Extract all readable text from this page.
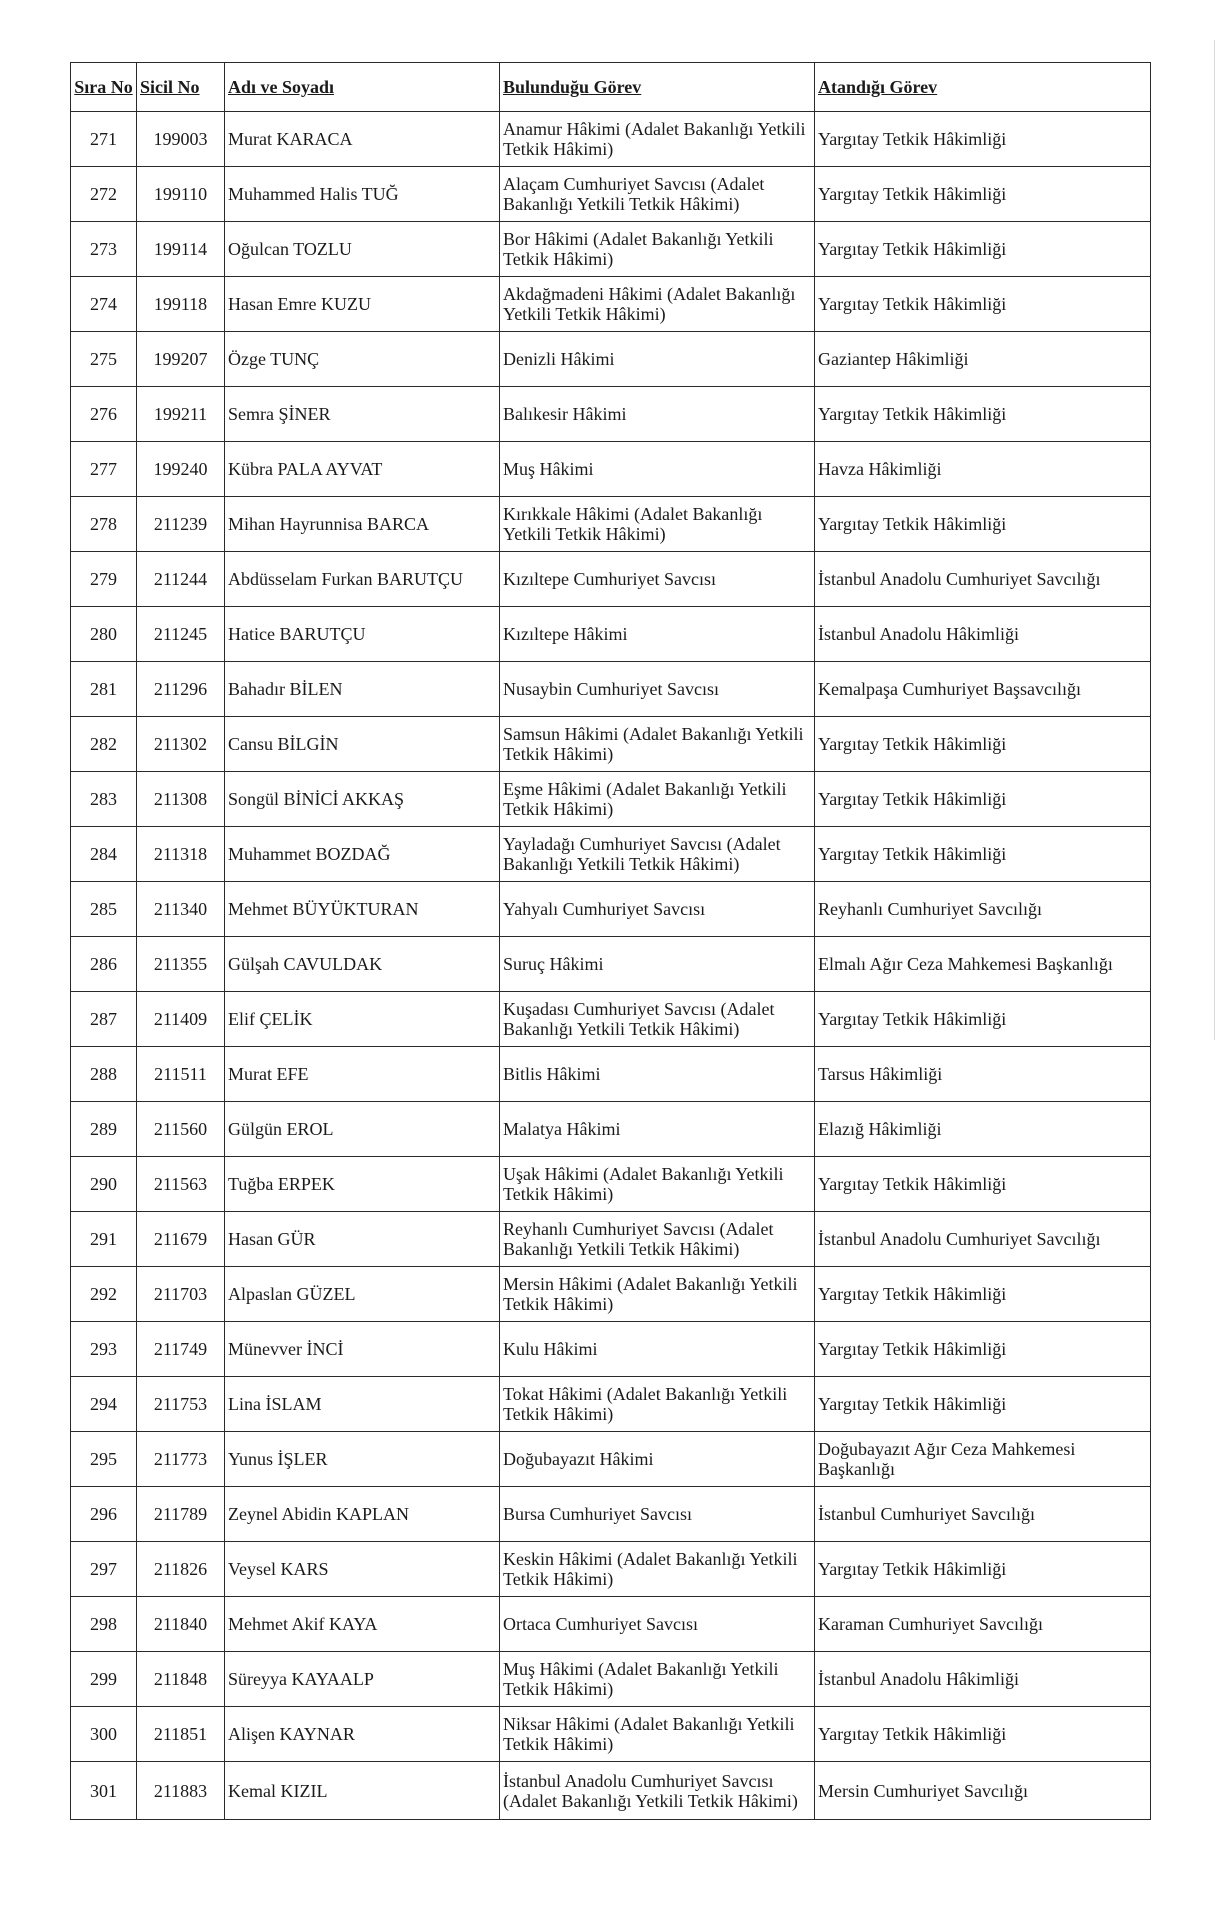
Sıra No	Sicil No	Adı ve Soyadı	Bulunduğu Görev	Atandığı Görev
271	199003	Murat KARACA	Anamur Hâkimi (Adalet Bakanlığı Yetkili Tetkik Hâkimi)	Yargıtay Tetkik Hâkimliği
272	199110	Muhammed Halis TUĞ	Alaçam Cumhuriyet Savcısı (Adalet Bakanlığı Yetkili Tetkik Hâkimi)	Yargıtay Tetkik Hâkimliği
273	199114	Oğulcan TOZLU	Bor Hâkimi (Adalet Bakanlığı Yetkili Tetkik Hâkimi)	Yargıtay Tetkik Hâkimliği
274	199118	Hasan Emre KUZU	Akdağmadeni Hâkimi (Adalet Bakanlığı Yetkili Tetkik Hâkimi)	Yargıtay Tetkik Hâkimliği
275	199207	Özge TUNÇ	Denizli Hâkimi	Gaziantep Hâkimliği
276	199211	Semra ŞİNER	Balıkesir Hâkimi	Yargıtay Tetkik Hâkimliği
277	199240	Kübra PALA AYVAT	Muş Hâkimi	Havza Hâkimliği
278	211239	Mihan Hayrunnisa BARCA	Kırıkkale Hâkimi (Adalet Bakanlığı Yetkili Tetkik Hâkimi)	Yargıtay Tetkik Hâkimliği
279	211244	Abdüsselam Furkan BARUTÇU	Kızıltepe Cumhuriyet Savcısı	İstanbul Anadolu Cumhuriyet Savcılığı
280	211245	Hatice BARUTÇU	Kızıltepe Hâkimi	İstanbul Anadolu Hâkimliği
281	211296	Bahadır BİLEN	Nusaybin Cumhuriyet Savcısı	Kemalpaşa Cumhuriyet Başsavcılığı
282	211302	Cansu BİLGİN	Samsun Hâkimi (Adalet Bakanlığı Yetkili Tetkik Hâkimi)	Yargıtay Tetkik Hâkimliği
283	211308	Songül BİNİCİ AKKAŞ	Eşme Hâkimi (Adalet Bakanlığı Yetkili Tetkik Hâkimi)	Yargıtay Tetkik Hâkimliği
284	211318	Muhammet BOZDAĞ	Yayladağı Cumhuriyet Savcısı (Adalet Bakanlığı Yetkili Tetkik Hâkimi)	Yargıtay Tetkik Hâkimliği
285	211340	Mehmet BÜYÜKTURAN	Yahyalı Cumhuriyet Savcısı	Reyhanlı Cumhuriyet Savcılığı
286	211355	Gülşah CAVULDAK	Suruç Hâkimi	Elmalı Ağır Ceza Mahkemesi Başkanlığı
287	211409	Elif ÇELİK	Kuşadası Cumhuriyet Savcısı (Adalet Bakanlığı Yetkili Tetkik Hâkimi)	Yargıtay Tetkik Hâkimliği
288	211511	Murat EFE	Bitlis Hâkimi	Tarsus Hâkimliği
289	211560	Gülgün EROL	Malatya Hâkimi	Elazığ Hâkimliği
290	211563	Tuğba ERPEK	Uşak Hâkimi (Adalet Bakanlığı Yetkili Tetkik Hâkimi)	Yargıtay Tetkik Hâkimliği
291	211679	Hasan GÜR	Reyhanlı Cumhuriyet Savcısı (Adalet Bakanlığı Yetkili Tetkik Hâkimi)	İstanbul Anadolu Cumhuriyet Savcılığı
292	211703	Alpaslan GÜZEL	Mersin Hâkimi (Adalet Bakanlığı Yetkili Tetkik Hâkimi)	Yargıtay Tetkik Hâkimliği
293	211749	Münevver İNCİ	Kulu Hâkimi	Yargıtay Tetkik Hâkimliği
294	211753	Lina İSLAM	Tokat Hâkimi (Adalet Bakanlığı Yetkili Tetkik Hâkimi)	Yargıtay Tetkik Hâkimliği
295	211773	Yunus İŞLER	Doğubayazıt Hâkimi	Doğubayazıt Ağır Ceza Mahkemesi Başkanlığı
296	211789	Zeynel Abidin KAPLAN	Bursa Cumhuriyet Savcısı	İstanbul Cumhuriyet Savcılığı
297	211826	Veysel KARS	Keskin Hâkimi (Adalet Bakanlığı Yetkili Tetkik Hâkimi)	Yargıtay Tetkik Hâkimliği
298	211840	Mehmet Akif KAYA	Ortaca Cumhuriyet Savcısı	Karaman Cumhuriyet Savcılığı
299	211848	Süreyya KAYAALP	Muş Hâkimi (Adalet Bakanlığı Yetkili Tetkik Hâkimi)	İstanbul Anadolu Hâkimliği
300	211851	Alişen KAYNAR	Niksar Hâkimi (Adalet Bakanlığı Yetkili Tetkik Hâkimi)	Yargıtay Tetkik Hâkimliği
301	211883	Kemal KIZIL	İstanbul Anadolu Cumhuriyet Savcısı (Adalet Bakanlığı Yetkili Tetkik Hâkimi)	Mersin Cumhuriyet Savcılığı
